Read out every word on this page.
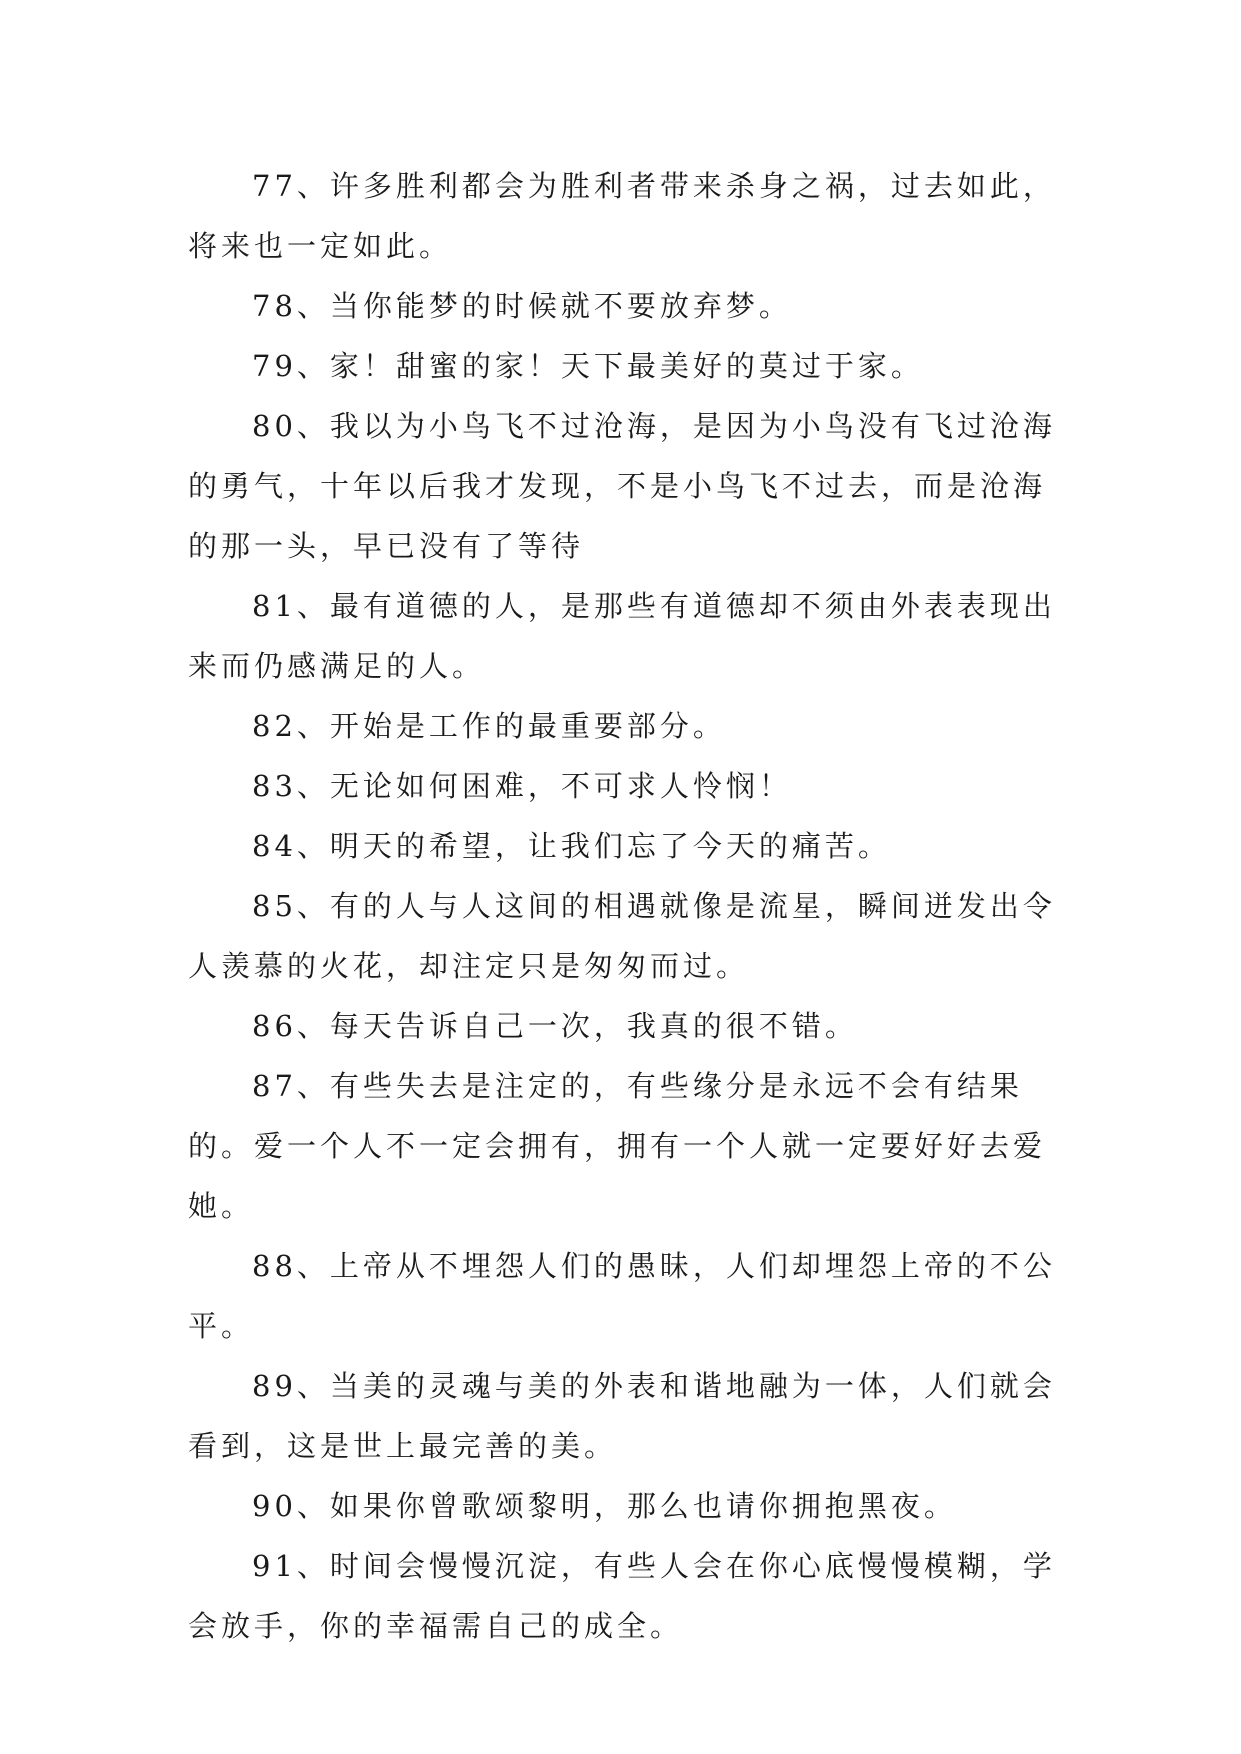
77、许多胜利都会为胜利者带来杀身之祸，过去如此，将来也一定如此。

78、当你能梦的时候就不要放弃梦。

79、家！甜蜜的家！天下最美好的莫过于家。

80、我以为小鸟飞不过沧海，是因为小鸟没有飞过沧海的勇气，十年以后我才发现，不是小鸟飞不过去，而是沧海的那一头，早已没有了等待

81、最有道德的人，是那些有道德却不须由外表表现出来而仍感满足的人。

82、开始是工作的最重要部分。

83、无论如何困难，不可求人怜悯！

84、明天的希望，让我们忘了今天的痛苦。

85、有的人与人这间的相遇就像是流星，瞬间迸发出令人羡慕的火花，却注定只是匆匆而过。

86、每天告诉自己一次，我真的很不错。

87、有些失去是注定的，有些缘分是永远不会有结果的。爱一个人不一定会拥有，拥有一个人就一定要好好去爱她。

88、上帝从不埋怨人们的愚昧，人们却埋怨上帝的不公平。

89、当美的灵魂与美的外表和谐地融为一体，人们就会看到，这是世上最完善的美。

90、如果你曾歌颂黎明，那么也请你拥抱黑夜。

91、时间会慢慢沉淀，有些人会在你心底慢慢模糊，学会放手，你的幸福需自己的成全。
